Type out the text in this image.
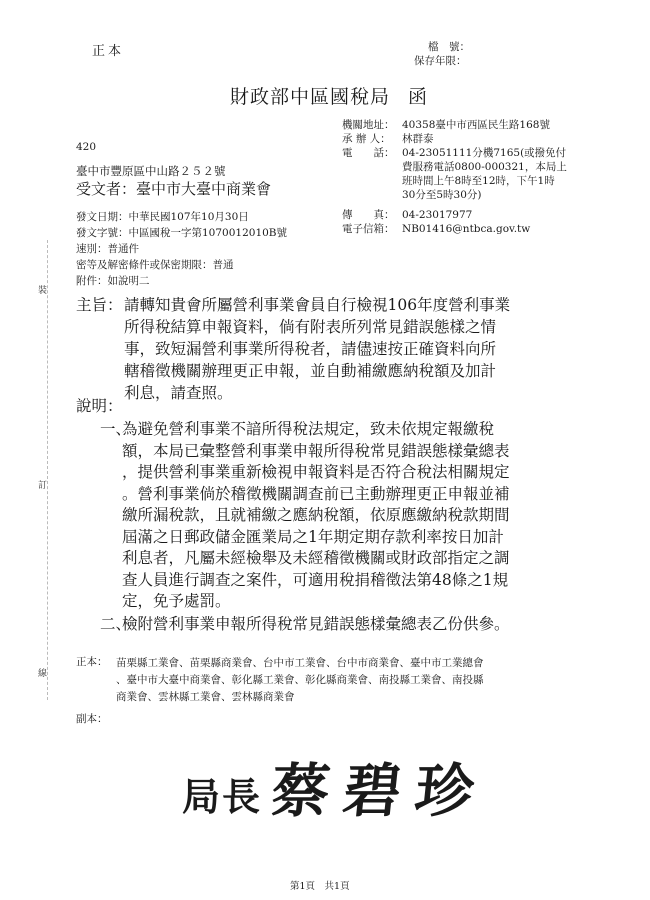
裝
訂
線
正本	檔　號：
保存年限：
財政部中區國稅局 函
機關地址： 40358臺中市西區民生路168號
承 辦 人： 林群泰
電　　話： 04-23051111分機7165(或撥免付
費服務電話0800-000321，本局上
班時間上午8時至12時，下午1時
30分至5時30分)
傳　　真： 04-23017977
電子信箱： NB01416@ntbca.gov.tw
420
臺中市豐原區中山路２５２號
受文者：臺中市大臺中商業會
發文日期：中華民國107年10月30日
發文字號：中區國稅一字第1070012010B號
速別：普通件
密等及解密條件或保密期限：普通
附件：如說明二
主旨： 請轉知貴會所屬營利事業會員自行檢視106年度營利事業
所得稅結算申報資料，倘有附表所列常見錯誤態樣之情
事，致短漏營利事業所得稅者，請儘速按正確資料向所
轄稽徵機關辦理更正申報，並自動補繳應納稅額及加計
利息，請查照。
說明：
一、
為避免營利事業不諳所得稅法規定，致未依規定報繳稅
額，本局已彙整營利事業申報所得稅常見錯誤態樣彙總表
，提供營利事業重新檢視申報資料是否符合稅法相關規定
。營利事業倘於稽徵機關調查前已主動辦理更正申報並補
繳所漏稅款，且就補繳之應納稅額，依原應繳納稅款期間
屆滿之日郵政儲金匯業局之1年期定期存款利率按日加計
利息者，凡屬未經檢舉及未經稽徵機關或財政部指定之調
查人員進行調查之案件，可適用稅捐稽徵法第48條之1規
定，免予處罰。
二、
檢附營利事業申報所得稅常見錯誤態樣彙總表乙份供參。
正本： 苗栗縣工業會、苗栗縣商業會、台中市工業會、台中市商業會、臺中市工業總會
、臺中市大臺中商業會、彰化縣工業會、彰化縣商業會、南投縣工業會、南投縣
商業會、雲林縣工業會、雲林縣商業會
副本：
局長 蔡碧珍
第1頁　共1頁
